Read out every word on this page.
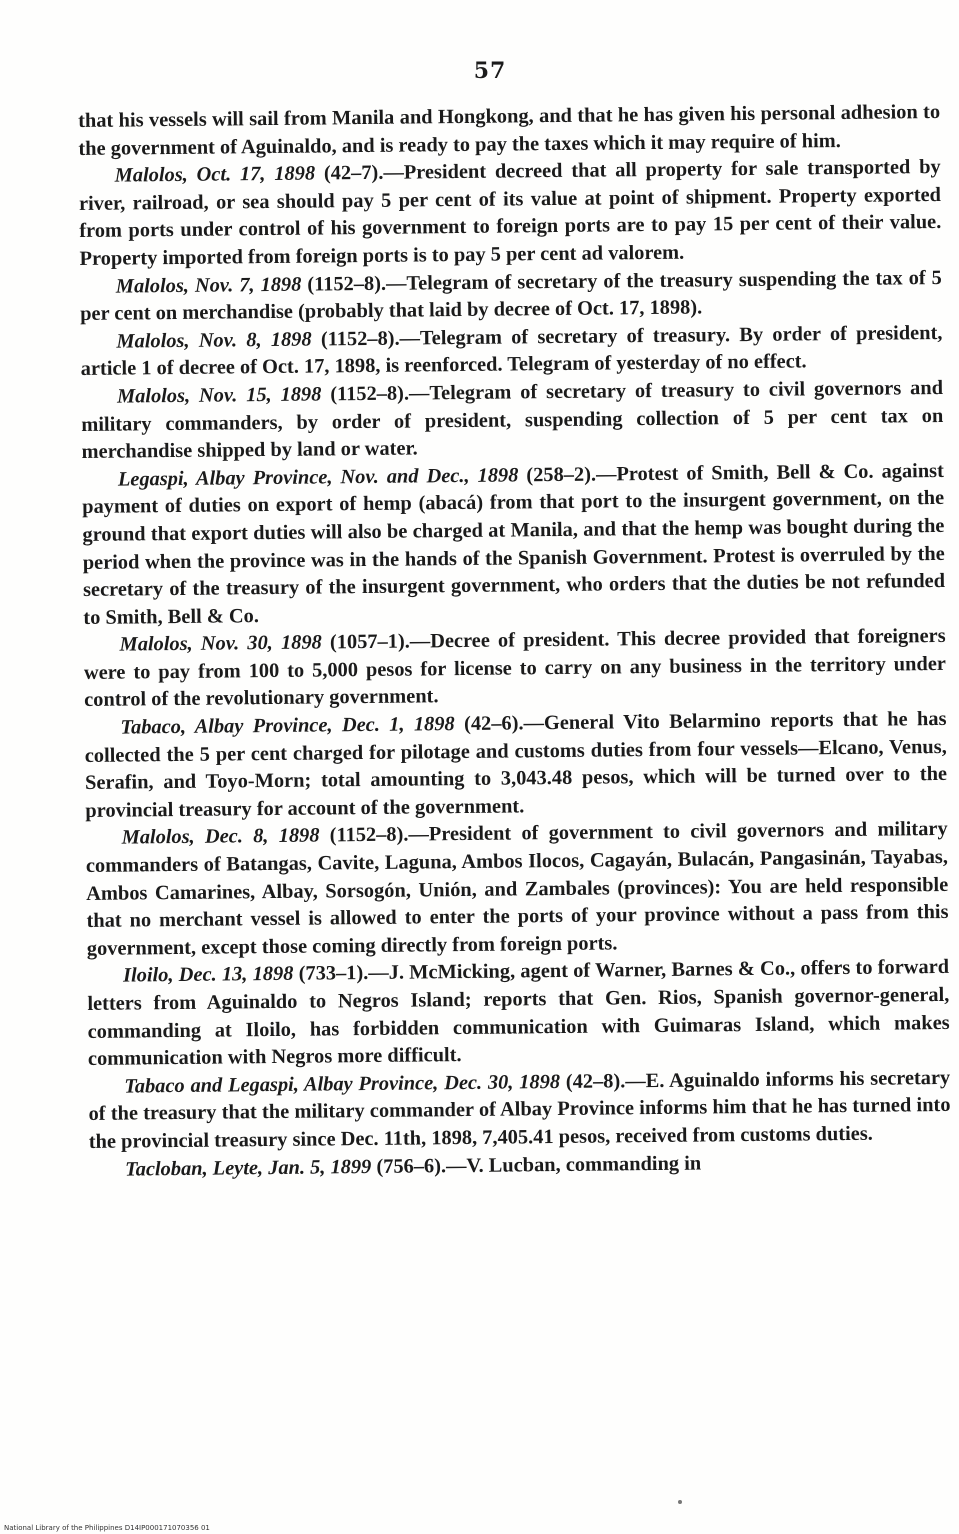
57

that his vessels will sail from Manila and Hongkong, and that he has given his personal adhesion to the government of Aguinaldo, and is ready to pay the taxes which it may require of him.

Malolos, Oct. 17, 1898 (42–7).—President decreed that all property for sale transported by river, railroad, or sea should pay 5 per cent of its value at point of shipment. Property exported from ports under control of his government to foreign ports are to pay 15 per cent of their value. Property imported from foreign ports is to pay 5 per cent ad valorem.

Malolos, Nov. 7, 1898 (1152–8).—Telegram of secretary of the treasury suspending the tax of 5 per cent on merchandise (probably that laid by decree of Oct. 17, 1898).

Malolos, Nov. 8, 1898 (1152–8).—Telegram of secretary of treasury. By order of president, article 1 of decree of Oct. 17, 1898, is reenforced. Telegram of yesterday of no effect.

Malolos, Nov. 15, 1898 (1152–8).—Telegram of secretary of treasury to civil governors and military commanders, by order of president, suspending collection of 5 per cent tax on merchandise shipped by land or water.

Legaspi, Albay Province, Nov. and Dec., 1898 (258–2).—Protest of Smith, Bell & Co. against payment of duties on export of hemp (abacá) from that port to the insurgent government, on the ground that export duties will also be charged at Manila, and that the hemp was bought during the period when the province was in the hands of the Spanish Government. Protest is overruled by the secretary of the treasury of the insurgent government, who orders that the duties be not refunded to Smith, Bell & Co.

Malolos, Nov. 30, 1898 (1057–1).—Decree of president. This decree provided that foreigners were to pay from 100 to 5,000 pesos for license to carry on any business in the territory under control of the revolutionary government.

Tabaco, Albay Province, Dec. 1, 1898 (42–6).—General Vito Belarmino reports that he has collected the 5 per cent charged for pilotage and customs duties from four vessels—Elcano, Venus, Serafin, and Toyo-Morn; total amounting to 3,043.48 pesos, which will be turned over to the provincial treasury for account of the government.

Malolos, Dec. 8, 1898 (1152–8).—President of government to civil governors and military commanders of Batangas, Cavite, Laguna, Ambos Ilocos, Cagayán, Bulacán, Pangasinán, Tayabas, Ambos Camarines, Albay, Sorsogón, Unión, and Zambales (provinces): You are held responsible that no merchant vessel is allowed to enter the ports of your province without a pass from this government, except those coming directly from foreign ports.

Iloilo, Dec. 13, 1898 (733–1).—J. McMicking, agent of Warner, Barnes & Co., offers to forward letters from Aguinaldo to Negros Island; reports that Gen. Rios, Spanish governor-general, commanding at Iloilo, has forbidden communication with Guimaras Island, which makes communication with Negros more difficult.

Tabaco and Legaspi, Albay Province, Dec. 30, 1898 (42–8).—E. Aguinaldo informs his secretary of the treasury that the military commander of Albay Province informs him that he has turned into the provincial treasury since Dec. 11th, 1898, 7,405.41 pesos, received from customs duties.

Tacloban, Leyte, Jan. 5, 1899 (756–6).—V. Lucban, commanding in

National Library of the Philippines D14IP000171070356 01
